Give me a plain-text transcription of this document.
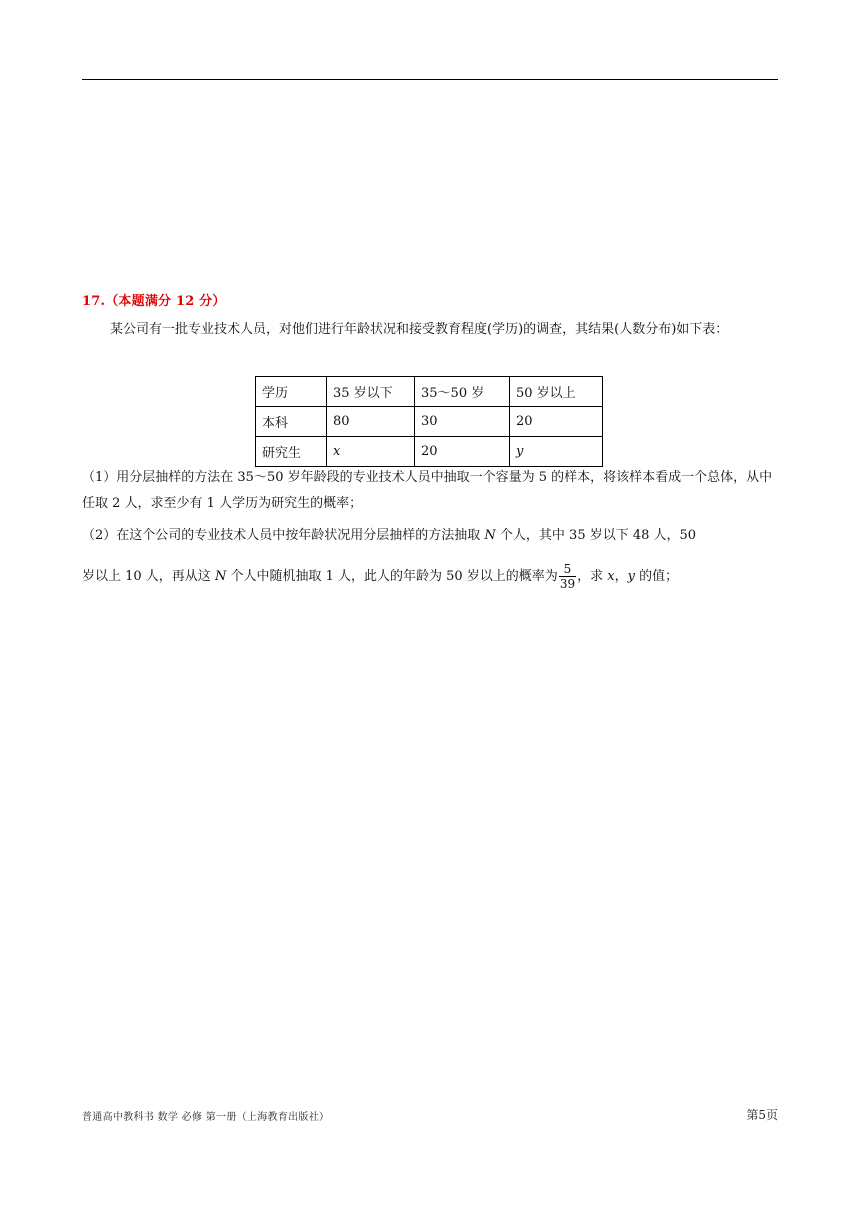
17.（本题满分 12 分）
某公司有一批专业技术人员，对他们进行年龄状况和接受教育程度(学历)的调查，其结果(人数分布)如下表：
学历	35 岁以下	35～50 岁	50 岁以上
本科	80	30	20
研究生	x	20	y
（1）用分层抽样的方法在 35～50 岁年龄段的专业技术人员中抽取一个容量为 5 的样本，将该样本看成一个总体，从中任取 2 人，求至少有 1 人学历为研究生的概率；
（2）在这个公司的专业技术人员中按年龄状况用分层抽样的方法抽取 N 个人，其中 35 岁以下 48 人，50
岁以上 10 人，再从这 N 个人中随机抽取 1 人，此人的年龄为 50 岁以上的概率为 $\frac{5}{39}$ ，求 x，y 的值；
普通高中教科书 数学 必修 第一册（上海教育出版社）	第5页
